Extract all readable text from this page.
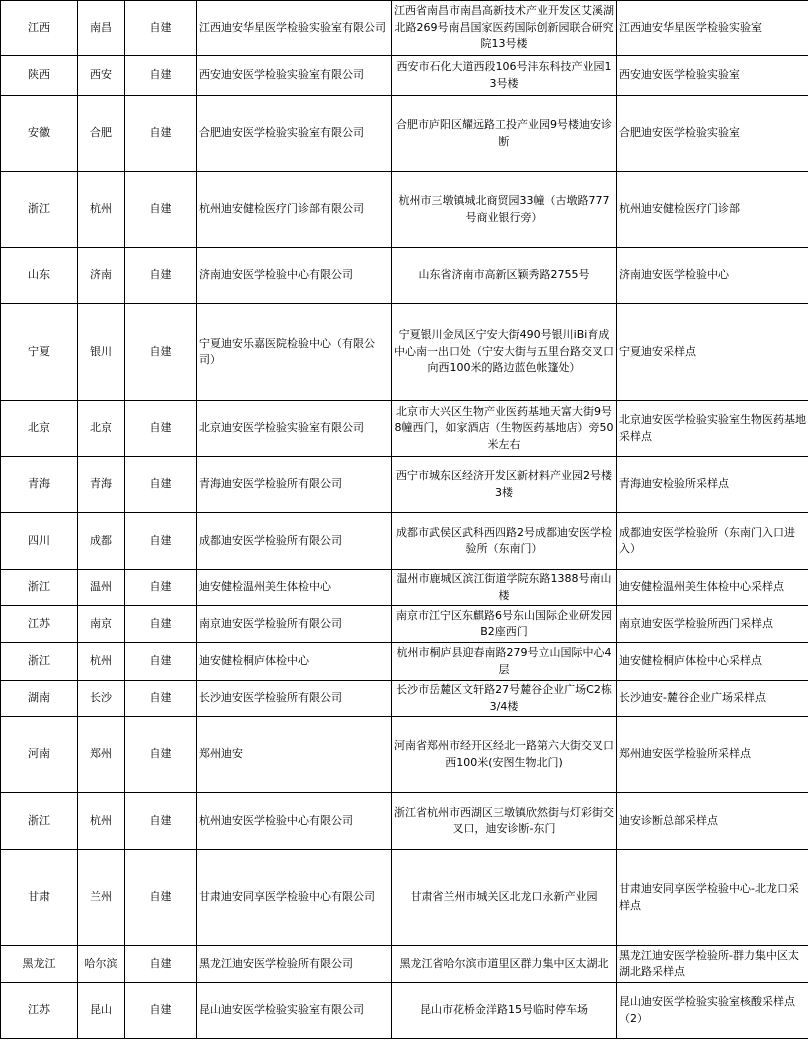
江西	南昌	自建	江西迪安华星医学检验实验室有限公司	江西省南昌市南昌高新技术产业开发区艾溪湖北路269号南昌国家医药国际创新园联合研究院13号楼	江西迪安华星医学检验实验室
陕西	西安	自建	西安迪安医学检验实验室有限公司	西安市石化大道西段106号沣东科技产业园13号楼	西安迪安医学检验实验室
安徽	合肥	自建	合肥迪安医学检验实验室有限公司	合肥市庐阳区耀远路工投产业园9号楼迪安诊断	合肥迪安医学检验实验室
浙江	杭州	自建	杭州迪安健检医疗门诊部有限公司	杭州市三墩镇城北商贸园33幢（古墩路777号商业银行旁）	杭州迪安健检医疗门诊部
山东	济南	自建	济南迪安医学检验中心有限公司	山东省济南市高新区颖秀路2755号	济南迪安医学检验中心
宁夏	银川	自建	宁夏迪安乐嘉医院检验中心（有限公司）	宁夏银川金凤区宁安大街490号银川iBi育成中心南一出口处（宁安大街与五里台路交叉口向西100米的路边蓝色帐篷处）	宁夏迪安采样点
北京	北京	自建	北京迪安医学检验实验室有限公司	北京市大兴区生物产业医药基地天富大街9号8幢西门，如家酒店（生物医药基地店）旁50米左右	北京迪安医学检验实验室生物医药基地采样点
青海	青海	自建	青海迪安医学检验所有限公司	西宁市城东区经济开发区新材料产业园2号楼3楼	青海迪安检验所采样点
四川	成都	自建	成都迪安医学检验所有限公司	成都市武侯区武科西四路2号成都迪安医学检验所（东南门）	成都迪安医学检验所（东南门入口进入）
浙江	温州	自建	迪安健检温州美生体检中心	温州市鹿城区滨江街道学院东路1388号南山楼	迪安健检温州美生体检中心采样点
江苏	南京	自建	南京迪安医学检验所有限公司	南京市江宁区东麒路6号东山国际企业研发园B2座西门	南京迪安医学检验所西门采样点
浙江	杭州	自建	迪安健检桐庐体检中心	杭州市桐庐县迎春南路279号立山国际中心4层	迪安健检桐庐体检中心采样点
湖南	长沙	自建	长沙迪安医学检验所有限公司	长沙市岳麓区文轩路27号麓谷企业广场C2栋3/4楼	长沙迪安-麓谷企业广场采样点
河南	郑州	自建	郑州迪安	河南省郑州市经开区经北一路第六大街交叉口西100米(安图生物北门)	郑州迪安医学检验所采样点
浙江	杭州	自建	杭州迪安医学检验中心有限公司	浙江省杭州市西湖区三墩镇欣然街与灯彩街交叉口，迪安诊断-东门	迪安诊断总部采样点
甘肃	兰州	自建	甘肃迪安同享医学检验中心有限公司	甘肃省兰州市城关区北龙口永新产业园	甘肃迪安同享医学检验中心-北龙口采样点
黑龙江	哈尔滨	自建	黑龙江迪安医学检验所有限公司	黑龙江省哈尔滨市道里区群力集中区太湖北	黑龙江迪安医学检验所-群力集中区太湖北路采样点
江苏	昆山	自建	昆山迪安医学检验实验室有限公司	昆山市花桥金洋路15号临时停车场	昆山迪安医学检验实验室核酸采样点（2）
